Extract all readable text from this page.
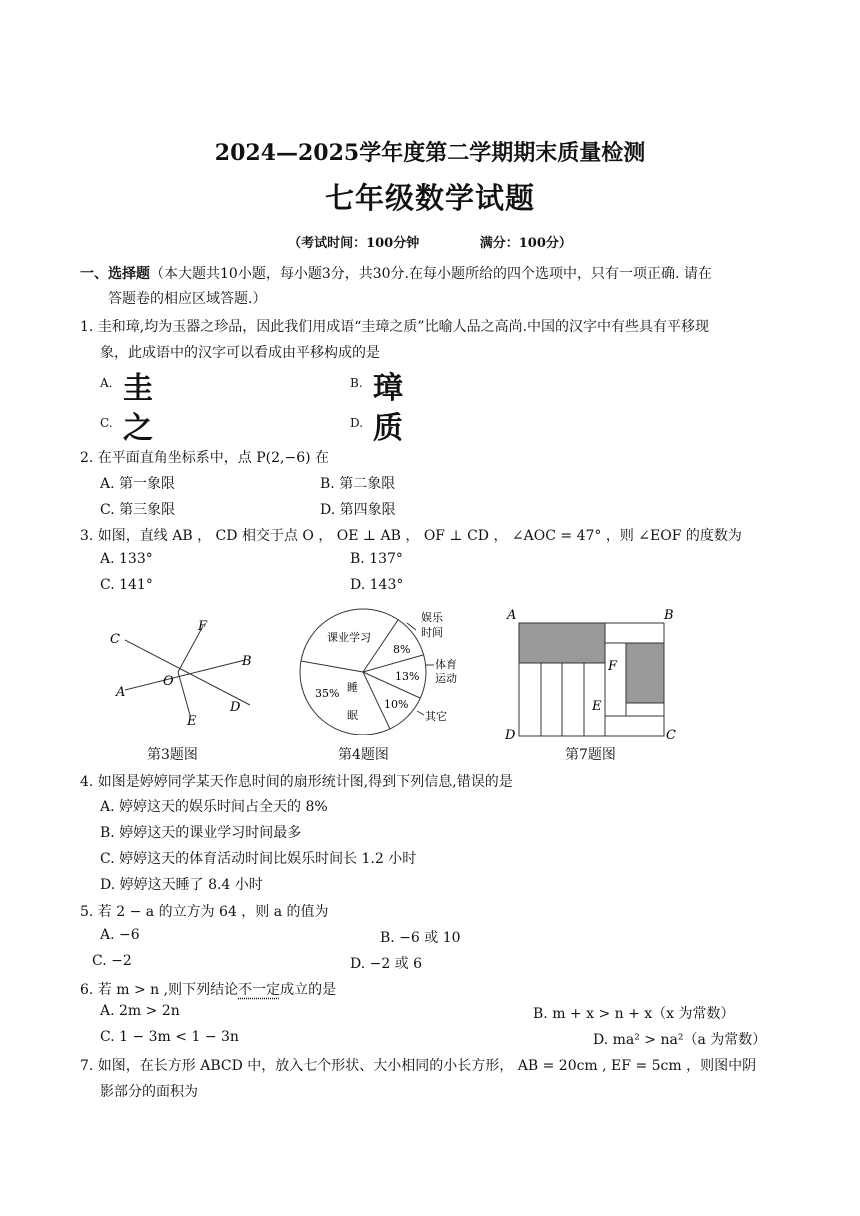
2024—2025学年度第二学期期末质量检测
七年级数学试题
（考试时间：100分钟	满分：100分）
一、选择题（本大题共10小题，每小题3分，共30分.在每小题所给的四个选项中，只有一项正确. 请在
答题卷的相应区域答题.）
1. 圭和璋,均为玉器之珍品，因此我们用成语“圭璋之质”比喻人品之高尚.中国的汉字中有些具有平移现
象，此成语中的汉字可以看成由平移构成的是
A. 圭	B. 璋
C. 之	D. 质
2. 在平面直角坐标系中，点 P(2,−6) 在
A. 第一象限	B. 第二象限
C. 第三象限	D. 第四象限
3. 如图，直线 AB ， CD 相交于点 O ， OE ⊥ AB ， OF ⊥ CD ， ∠AOC = 47° ，则 ∠EOF 的度数为
A. 133°	B. 137°
C. 141°	D. 143°
C
F
B
A
O
D
E
第3题图
课业学习
娱乐
时间
8%
体育
运动
13%
10%
其它
睡
35%
眠
第4题图
A	B
F
E
D	C
第7题图
4. 如图是婷婷同学某天作息时间的扇形统计图,得到下列信息,错误的是
A. 婷婷这天的娱乐时间占全天的 8%
B. 婷婷这天的课业学习时间最多
C. 婷婷这天的体育活动时间比娱乐时间长 1.2 小时
D. 婷婷这天睡了 8.4 小时
5. 若 2 − a 的立方为 64 ，则 a 的值为
A. −6	B. −6 或 10
C. −2	D. −2 或 6
6. 若 m > n ,则下列结论不一定成立的是
A. 2m > 2n	B. m + x > n + x（x 为常数）
C. 1 − 3m < 1 − 3n	D. ma² > na²（a 为常数）
7. 如图，在长方形 ABCD 中，放入七个形状、大小相同的小长方形， AB = 20cm , EF = 5cm ，则图中阴
影部分的面积为
